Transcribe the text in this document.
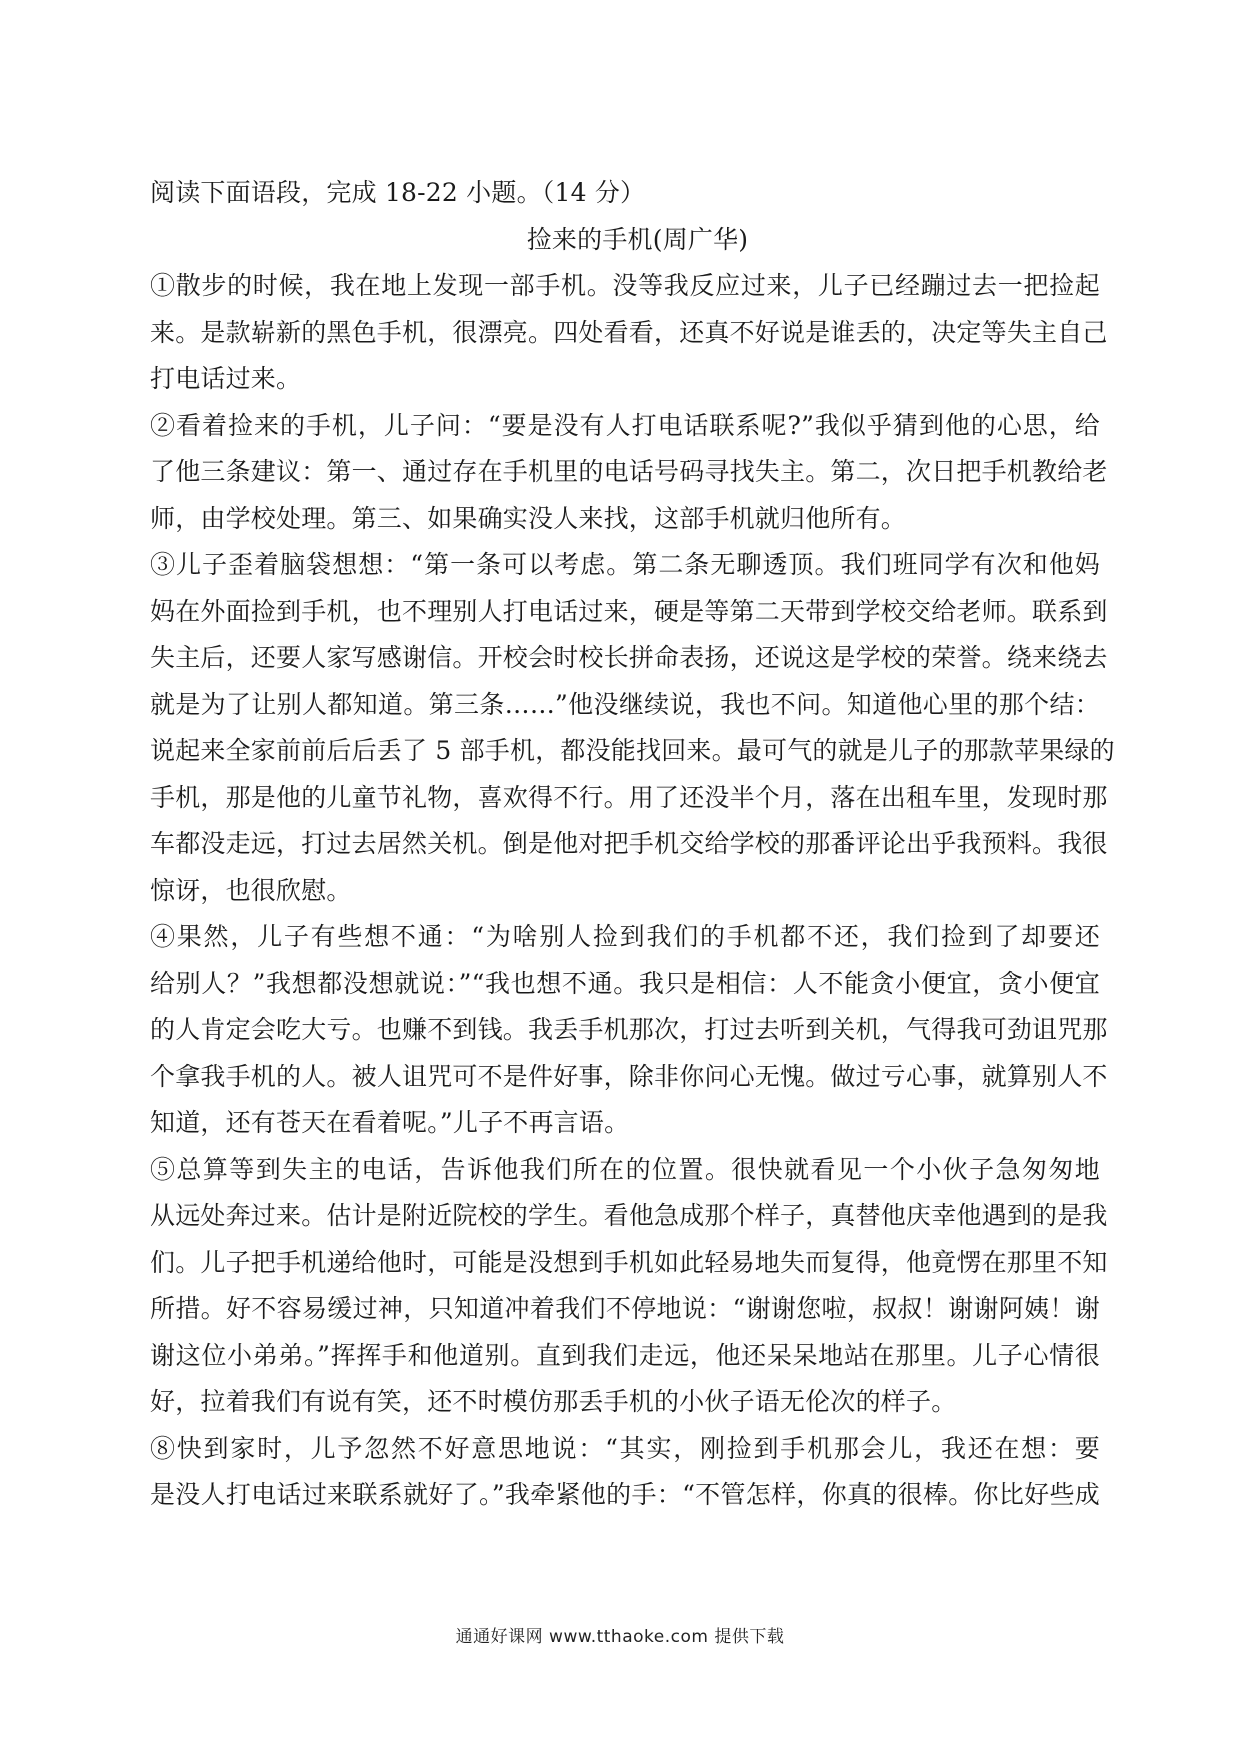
阅读下面语段，完成 18-22 小题。（14 分）
捡来的手机(周广华)
①散步的时候，我在地上发现一部手机。没等我反应过来，儿子已经蹦过去一把捡起
来。是款崭新的黑色手机，很漂亮。四处看看，还真不好说是谁丢的，决定等失主自己
打电话过来。
②看着捡来的手机，儿子问：“要是没有人打电话联系呢?”我似乎猜到他的心思，给
了他三条建议：第一、通过存在手机里的电话号码寻找失主。第二，次日把手机教给老
师，由学校处理。第三、如果确实没人来找，这部手机就归他所有。
③儿子歪着脑袋想想：“第一条可以考虑。第二条无聊透顶。我们班同学有次和他妈
妈在外面捡到手机，也不理别人打电话过来，硬是等第二天带到学校交给老师。联系到
失主后，还要人家写感谢信。开校会时校长拼命表扬，还说这是学校的荣誉。绕来绕去
就是为了让别人都知道。第三条……”他没继续说，我也不问。知道他心里的那个结：
说起来全家前前后后丢了 5 部手机，都没能找回来。最可气的就是儿子的那款苹果绿的
手机，那是他的儿童节礼物，喜欢得不行。用了还没半个月，落在出租车里，发现时那
车都没走远，打过去居然关机。倒是他对把手机交给学校的那番评论出乎我预料。我很
惊讶，也很欣慰。
④果然，儿子有些想不通：“为啥别人捡到我们的手机都不还，我们捡到了却要还
给别人？”我想都没想就说：”“我也想不通。我只是相信：人不能贪小便宜，贪小便宜
的人肯定会吃大亏。也赚不到钱。我丢手机那次，打过去听到关机，气得我可劲诅咒那
个拿我手机的人。被人诅咒可不是件好事，除非你问心无愧。做过亏心事，就算别人不
知道，还有苍天在看着呢。”儿子不再言语。
⑤总算等到失主的电话，告诉他我们所在的位置。很快就看见一个小伙子急匆匆地
从远处奔过来。估计是附近院校的学生。看他急成那个样子，真替他庆幸他遇到的是我
们。儿子把手机递给他时，可能是没想到手机如此轻易地失而复得，他竟愣在那里不知
所措。好不容易缓过神，只知道冲着我们不停地说：“谢谢您啦，叔叔！谢谢阿姨！谢
谢这位小弟弟。”挥挥手和他道别。直到我们走远，他还呆呆地站在那里。儿子心情很
好，拉着我们有说有笑，还不时模仿那丢手机的小伙子语无伦次的样子。
⑧快到家时，儿予忽然不好意思地说：“其实，刚捡到手机那会儿，我还在想：要
是没人打电话过来联系就好了。”我牵紧他的手：“不管怎样，你真的很棒。你比好些成
通通好课网 www.tthaoke.com 提供下载
